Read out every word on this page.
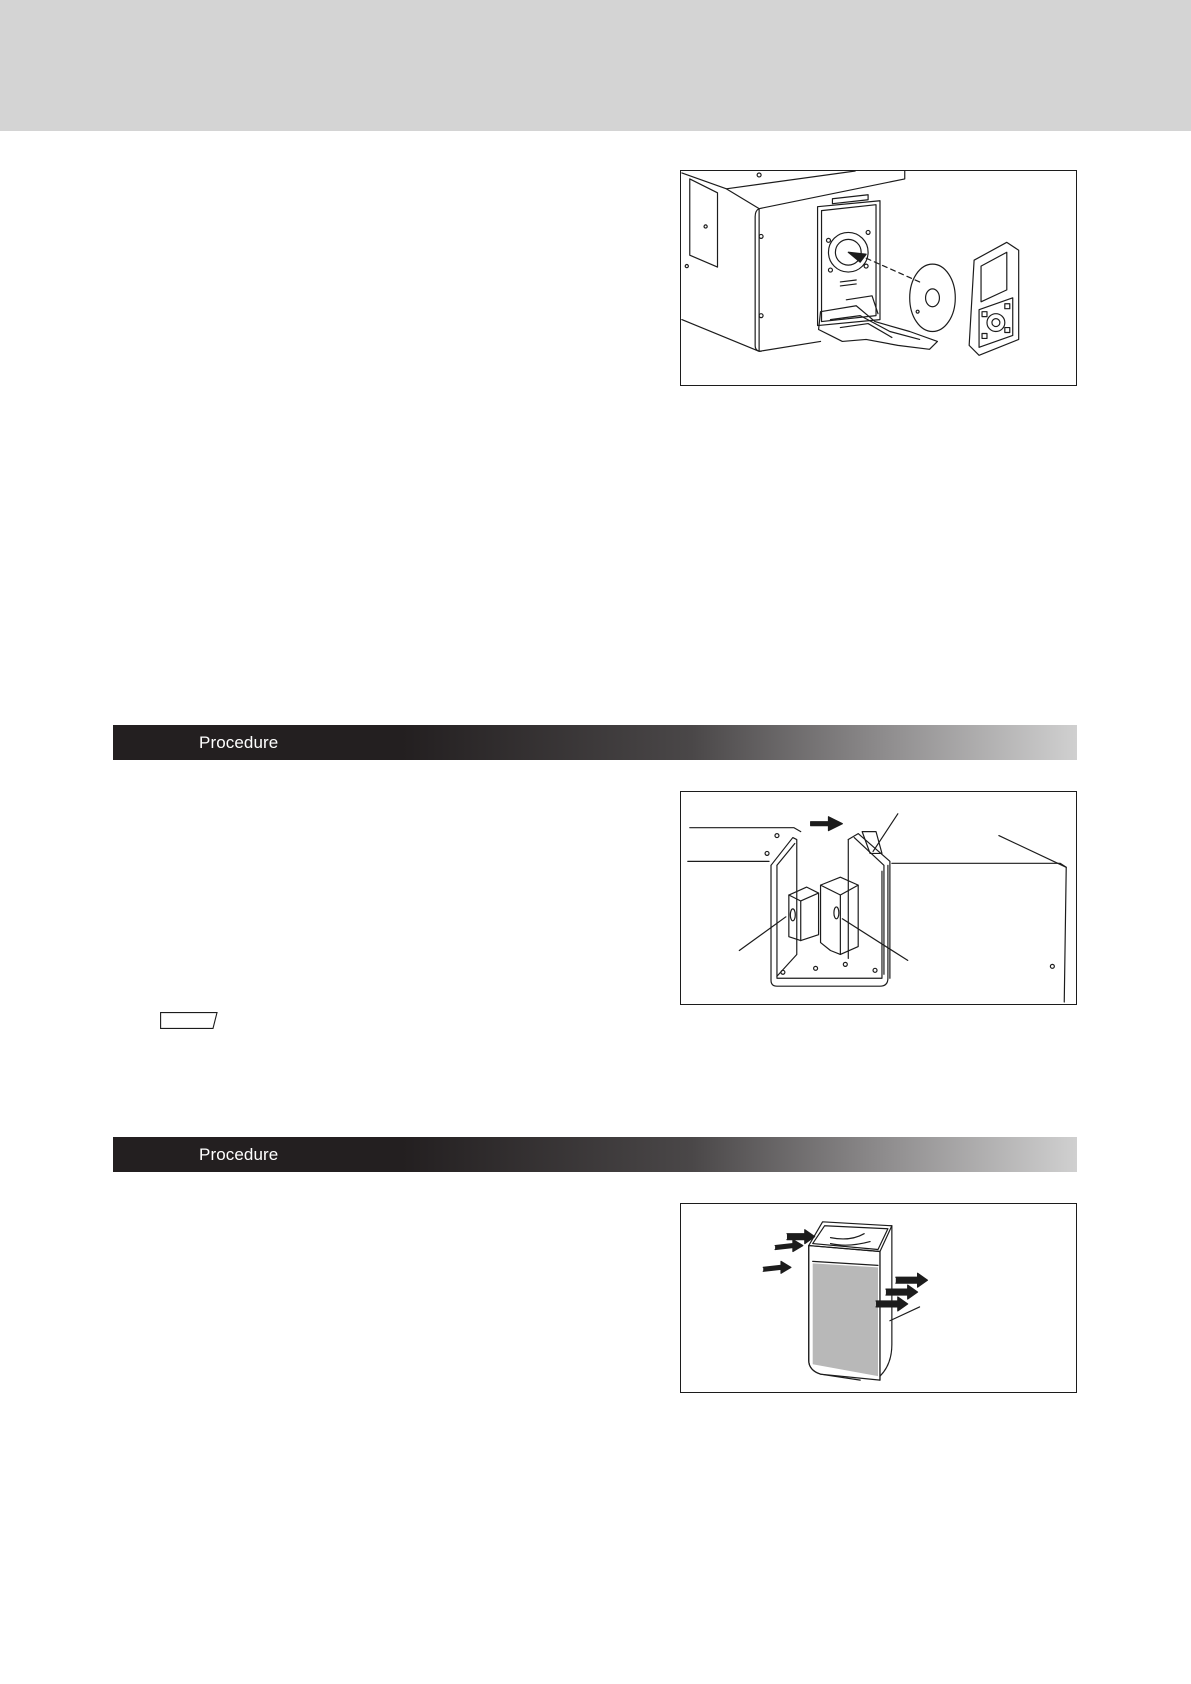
Procedure
Procedure
